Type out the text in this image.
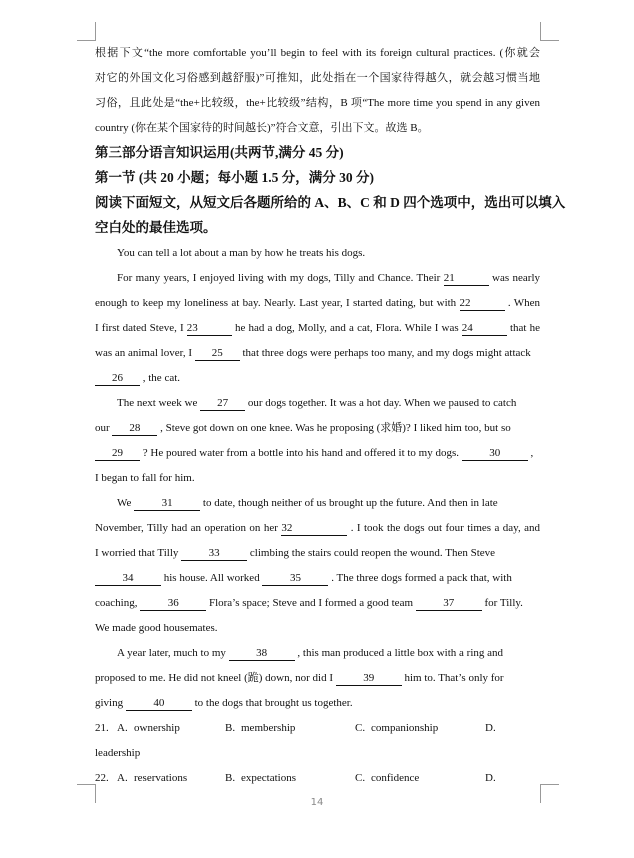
根据下文“the more comfortable you’ll begin to feel with its foreign cultural practices. (你就会
对它的外国文化习俗感到越舒服)”可推知，此处指在一个国家待得越久，就会越习惯当地
习俗，且此处是“the+比较级，the+比较级”结构，B 项“The more time you spend in any given
country (你在某个国家待的时间越长)”符合文意，引出下文。故选 B。
第三部分语言知识运用(共两节,满分 45 分)
第一节 (共 20 小题；每小题 1.5 分，满分 30 分)
阅读下面短文，从短文后各题所给的 A、B、C 和 D 四个选项中，选出可以填入
空白处的最佳选项。
You can tell a lot about a man by how he treats his dogs.
For many years, I enjoyed living with my dogs, Tilly and Chance. Their 21	was nearly
enough to keep my loneliness at bay. Nearly. Last year, I started dating, but with 22	. When
I first dated Steve, I 23	he had a dog, Molly, and a cat, Flora. While I was 24	that he
was an animal lover, I 25 that three dogs were perhaps too many, and my dogs might attack
26 , the cat.
The next week we 27 our dogs together. It was a hot day. When we paused to catch
our 28 , Steve got down on one knee. Was he proposing (求婚)? I liked him too, but so
29 ? He poured water from a bottle into his hand and offered it to my dogs.	30	,
I began to fall for him.
We	31	to date, though neither of us brought up the future. And then in late
November, Tilly had an operation on her 32	. I took the dogs out four times a day, and
I worried that Tilly	33	climbing the stairs could reopen the wound. Then Steve
34	his house. All worked	35	. The three dogs formed a pack that, with
coaching,	36	Flora’s space; Steve and I formed a good team	37	for Tilly.
We made good housemates.
A year later, much to my	38	, this man produced a little box with a ring and
proposed to me. He did not kneel (跪) down, nor did I	39	him to. That’s only for
giving	40	to the dogs that brought us together.
21. A. ownership	B. membership	C. companionship	D.
leadership
22. A. reservations	B. expectations	C. confidence	D.
14
